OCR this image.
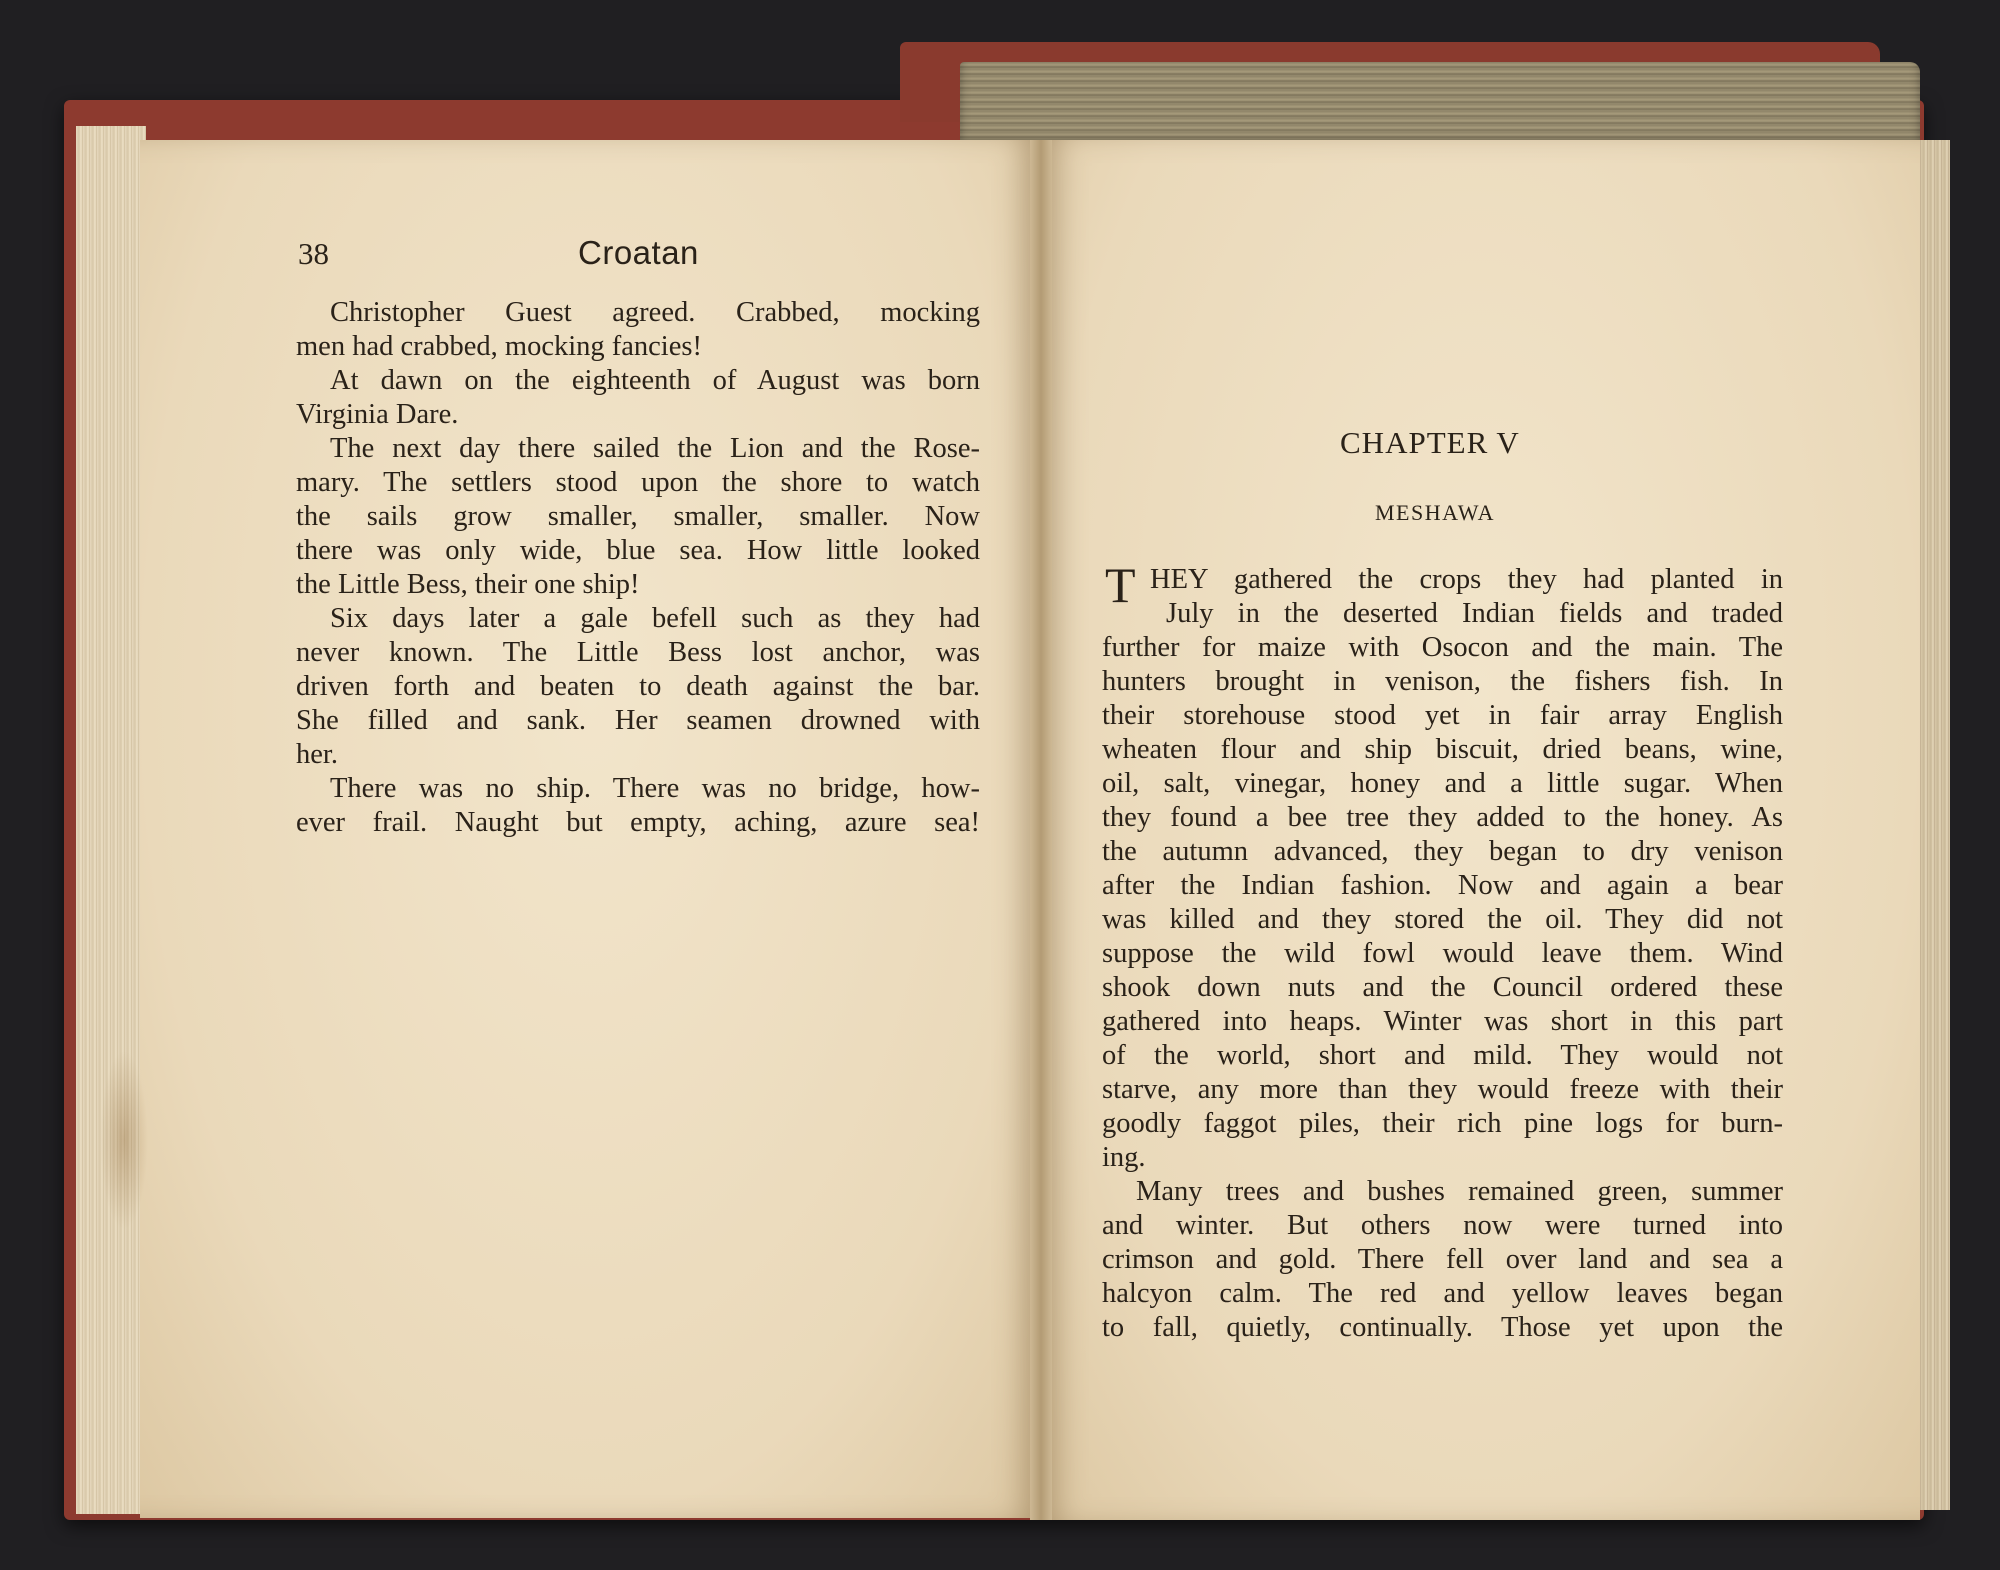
38	Croatan
Christopher Guest agreed. Crabbed, mocking
men had crabbed, mocking fancies!
At dawn on the eighteenth of August was born
Virginia Dare.
The next day there sailed the Lion and the Rose-
mary. The settlers stood upon the shore to watch
the sails grow smaller, smaller, smaller. Now
there was only wide, blue sea. How little looked
the Little Bess, their one ship!
Six days later a gale befell such as they had
never known. The Little Bess lost anchor, was
driven forth and beaten to death against the bar.
She filled and sank. Her seamen drowned with
her.
There was no ship. There was no bridge, how-
ever frail. Naught but empty, aching, azure sea!
CHAPTER V
MESHAWA
T HEY gathered the crops they had planted in
July in the deserted Indian fields and traded
further for maize with Osocon and the main. The
hunters brought in venison, the fishers fish. In
their storehouse stood yet in fair array English
wheaten flour and ship biscuit, dried beans, wine,
oil, salt, vinegar, honey and a little sugar. When
they found a bee tree they added to the honey. As
the autumn advanced, they began to dry venison
after the Indian fashion. Now and again a bear
was killed and they stored the oil. They did not
suppose the wild fowl would leave them. Wind
shook down nuts and the Council ordered these
gathered into heaps. Winter was short in this part
of the world, short and mild. They would not
starve, any more than they would freeze with their
goodly faggot piles, their rich pine logs for burn-
ing.
Many trees and bushes remained green, summer
and winter. But others now were turned into
crimson and gold. There fell over land and sea a
halcyon calm. The red and yellow leaves began
to fall, quietly, continually. Those yet upon the
